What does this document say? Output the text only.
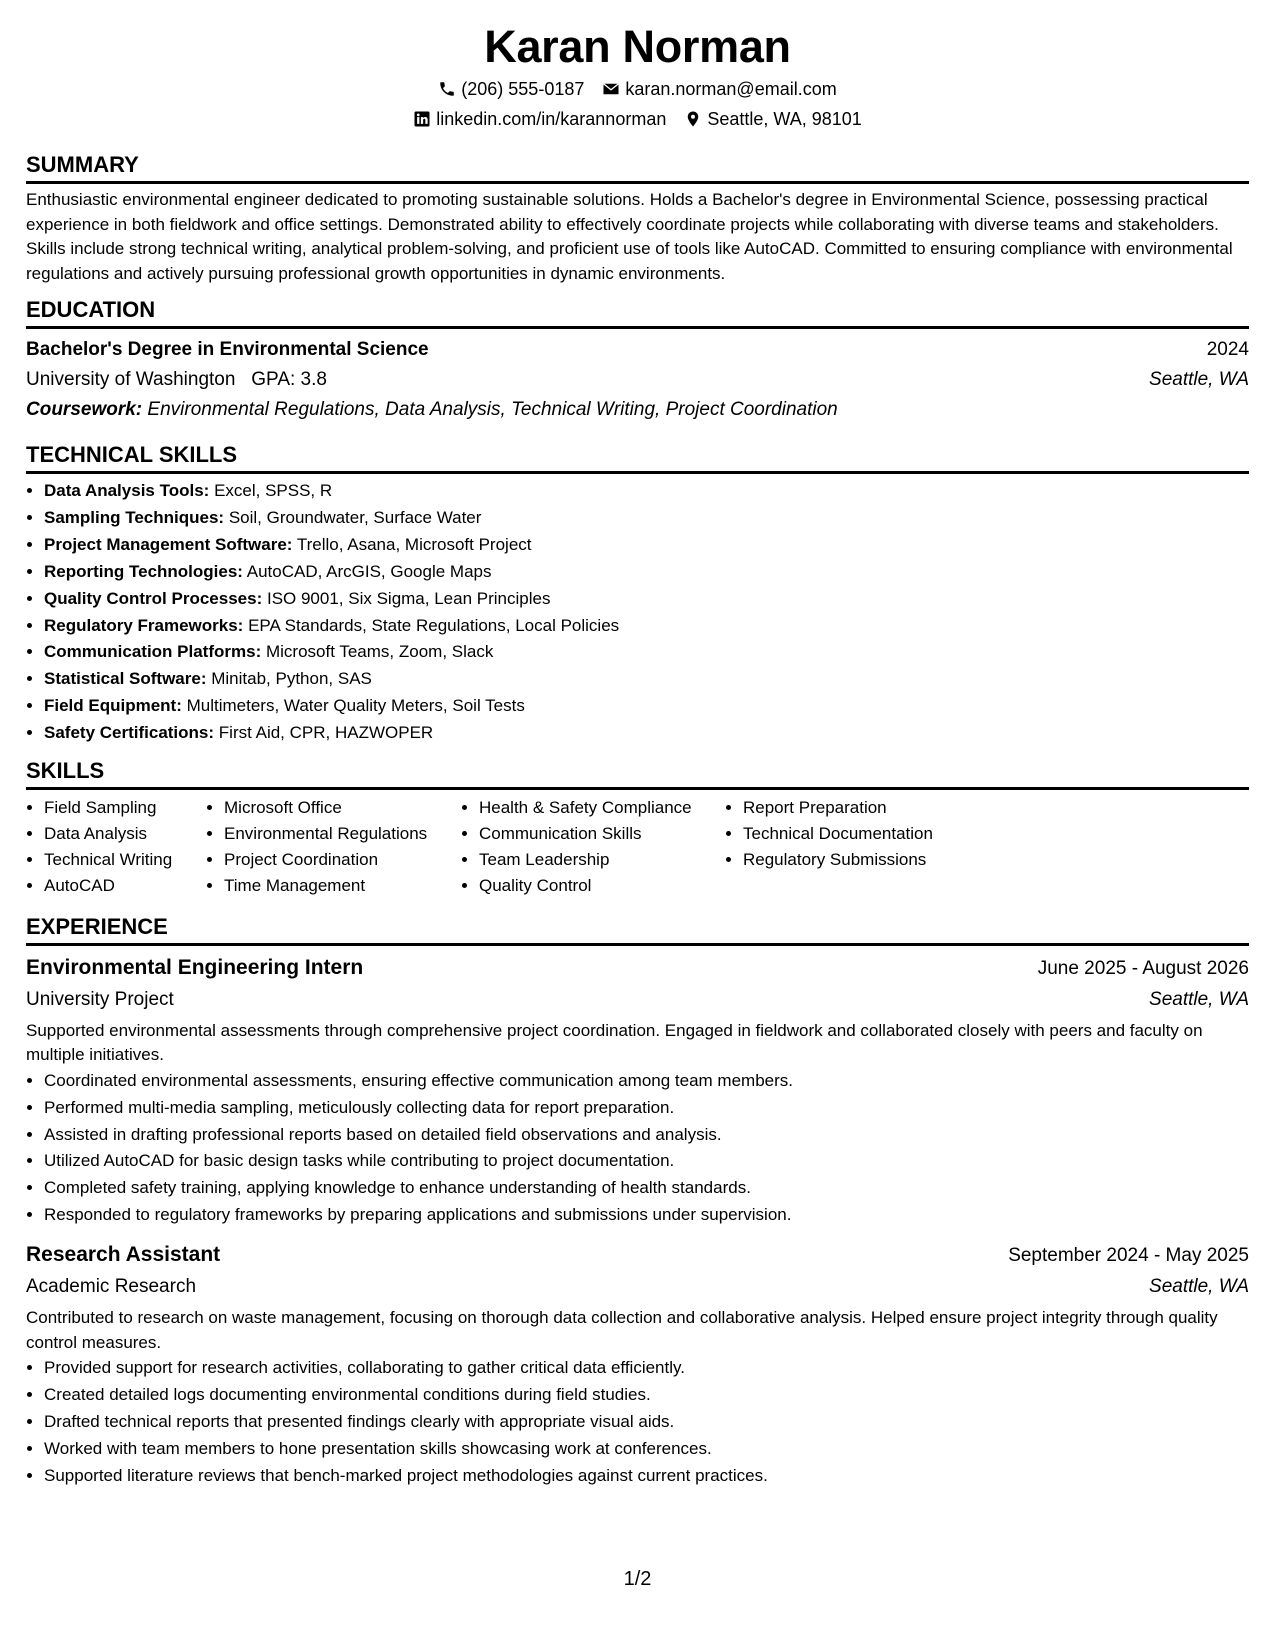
Karan Norman
(206) 555-0187 karan.norman@email.com
linkedin.com/in/karannorman Seattle, WA, 98101
SUMMARY

Enthusiastic environmental engineer dedicated to promoting sustainable solutions. Holds a Bachelor's degree in Environmental Science, possessing practical experience in both fieldwork and office settings. Demonstrated ability to effectively coordinate projects while collaborating with diverse teams and stakeholders. Skills include strong technical writing, analytical problem-solving, and proficient use of tools like AutoCAD. Committed to ensuring compliance with environmental regulations and actively pursuing professional growth opportunities in dynamic environments.

EDUCATION
Bachelor's Degree in Environmental Science	2024
University of Washington GPA: 3.8	Seattle, WA
Coursework: Environmental Regulations, Data Analysis, Technical Writing, Project Coordination
TECHNICAL SKILLS
• Data Analysis Tools: Excel, SPSS, R
• Sampling Techniques: Soil, Groundwater, Surface Water
• Project Management Software: Trello, Asana, Microsoft Project
• Reporting Technologies: AutoCAD, ArcGIS, Google Maps
• Quality Control Processes: ISO 9001, Six Sigma, Lean Principles
• Regulatory Frameworks: EPA Standards, State Regulations, Local Policies
• Communication Platforms: Microsoft Teams, Zoom, Slack
• Statistical Software: Minitab, Python, SAS
• Field Equipment: Multimeters, Water Quality Meters, Soil Tests
• Safety Certifications: First Aid, CPR, HAZWOPER
SKILLS
• Field Sampling
• Data Analysis
• Technical Writing
• AutoCAD
• Microsoft Office
• Environmental Regulations
• Project Coordination
• Time Management
• Health & Safety Compliance
• Communication Skills
• Team Leadership
• Quality Control
• Report Preparation
• Technical Documentation
• Regulatory Submissions
EXPERIENCE
Environmental Engineering Intern	June 2025 - August 2026
University Project	Seattle, WA

Supported environmental assessments through comprehensive project coordination. Engaged in fieldwork and collaborated closely with peers and faculty on multiple initiatives.

• Coordinated environmental assessments, ensuring effective communication among team members.
• Performed multi-media sampling, meticulously collecting data for report preparation.
• Assisted in drafting professional reports based on detailed field observations and analysis.
• Utilized AutoCAD for basic design tasks while contributing to project documentation.
• Completed safety training, applying knowledge to enhance understanding of health standards.
• Responded to regulatory frameworks by preparing applications and submissions under supervision.
Research Assistant	September 2024 - May 2025
Academic Research	Seattle, WA

Contributed to research on waste management, focusing on thorough data collection and collaborative analysis. Helped ensure project integrity through quality control measures.

• Provided support for research activities, collaborating to gather critical data efficiently.
• Created detailed logs documenting environmental conditions during field studies.
• Drafted technical reports that presented findings clearly with appropriate visual aids.
• Worked with team members to hone presentation skills showcasing work at conferences.
• Supported literature reviews that bench-marked project methodologies against current practices.
1/2
